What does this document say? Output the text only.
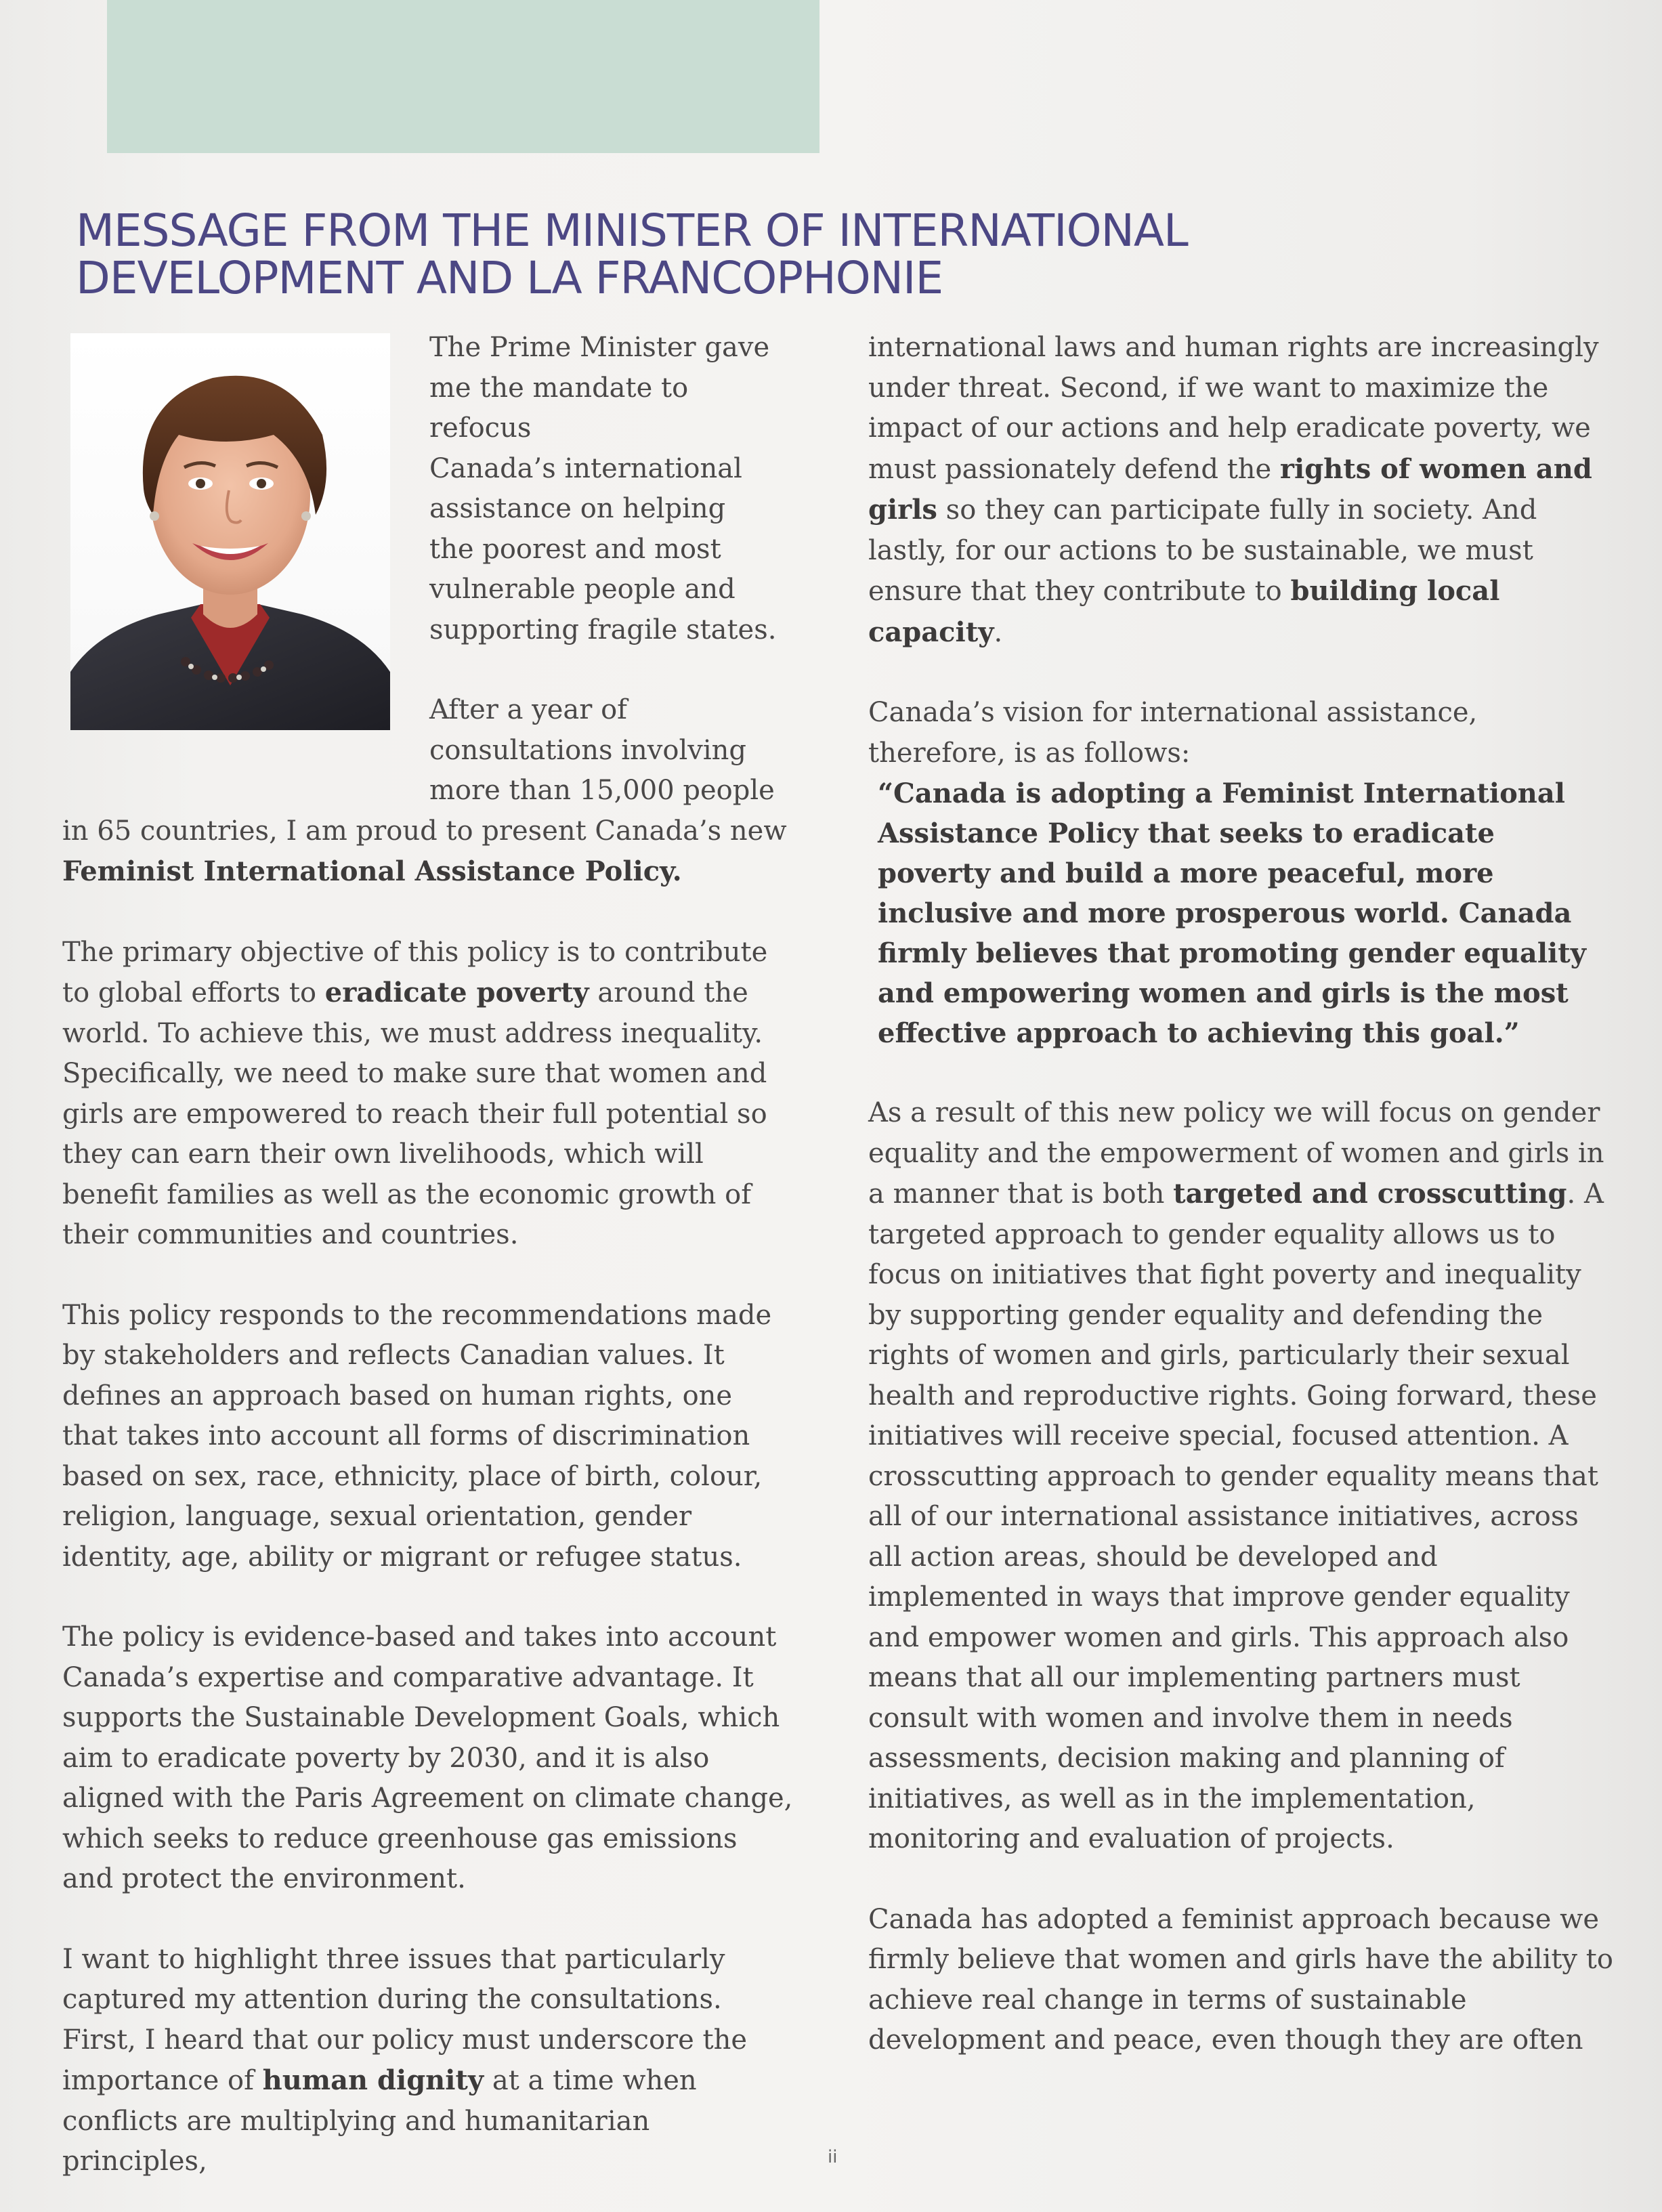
MESSAGE FROM THE MINISTER OF INTERNATIONAL
DEVELOPMENT AND LA FRANCOPHONIE

The Prime Minister gave
me the mandate to refocus
Canada’s international
assistance on helping
the poorest and most
vulnerable people and
supporting fragile states.

After a year of
consultations involving
more than 15,000 people
in 65 countries, I am proud to present Canada’s new Feminist International Assistance Policy.

The primary objective of this policy is to contribute to global efforts to eradicate poverty around the world. To achieve this, we must address inequality. Specifically, we need to make sure that women and girls are empowered to reach their full potential so they can earn their own livelihoods, which will benefit families as well as the economic growth of their communities and countries.

This policy responds to the recommendations made by stakeholders and reflects Canadian values. It defines an approach based on human rights, one that takes into account all forms of discrimination based on sex, race, ethnicity, place of birth, colour, religion, language, sexual orientation, gender identity, age, ability or migrant or refugee status.

The policy is evidence-based and takes into account Canada’s expertise and comparative advantage. It supports the Sustainable Development Goals, which aim to eradicate poverty by 2030, and it is also aligned with the Paris Agreement on climate change, which seeks to reduce greenhouse gas emissions and protect the environment.

I want to highlight three issues that particularly captured my attention during the consultations. First, I heard that our policy must underscore the importance of human dignity at a time when conflicts are multiplying and humanitarian principles,

international laws and human rights are increasingly under threat. Second, if we want to maximize the impact of our actions and help eradicate poverty, we must passionately defend the rights of women and girls so they can participate fully in society. And lastly, for our actions to be sustainable, we must ensure that they contribute to building local capacity.

Canada’s vision for international assistance, therefore, is as follows:

“Canada is adopting a Feminist International Assistance Policy that seeks to eradicate poverty and build a more peaceful, more inclusive and more prosperous world. Canada firmly believes that promoting gender equality and empowering women and girls is the most effective approach to achieving this goal.”

As a result of this new policy we will focus on gender equality and the empowerment of women and girls in a manner that is both targeted and crosscutting. A targeted approach to gender equality allows us to focus on initiatives that fight poverty and inequality by supporting gender equality and defending the rights of women and girls, particularly their sexual health and reproductive rights. Going forward, these initiatives will receive special, focused attention. A crosscutting approach to gender equality means that all of our international assistance initiatives, across all action areas, should be developed and implemented in ways that improve gender equality and empower women and girls. This approach also means that all our implementing partners must consult with women and involve them in needs assessments, decision making and planning of initiatives, as well as in the implementation, monitoring and evaluation of projects.

Canada has adopted a feminist approach because we firmly believe that women and girls have the ability to achieve real change in terms of sustainable development and peace, even though they are often

ii
